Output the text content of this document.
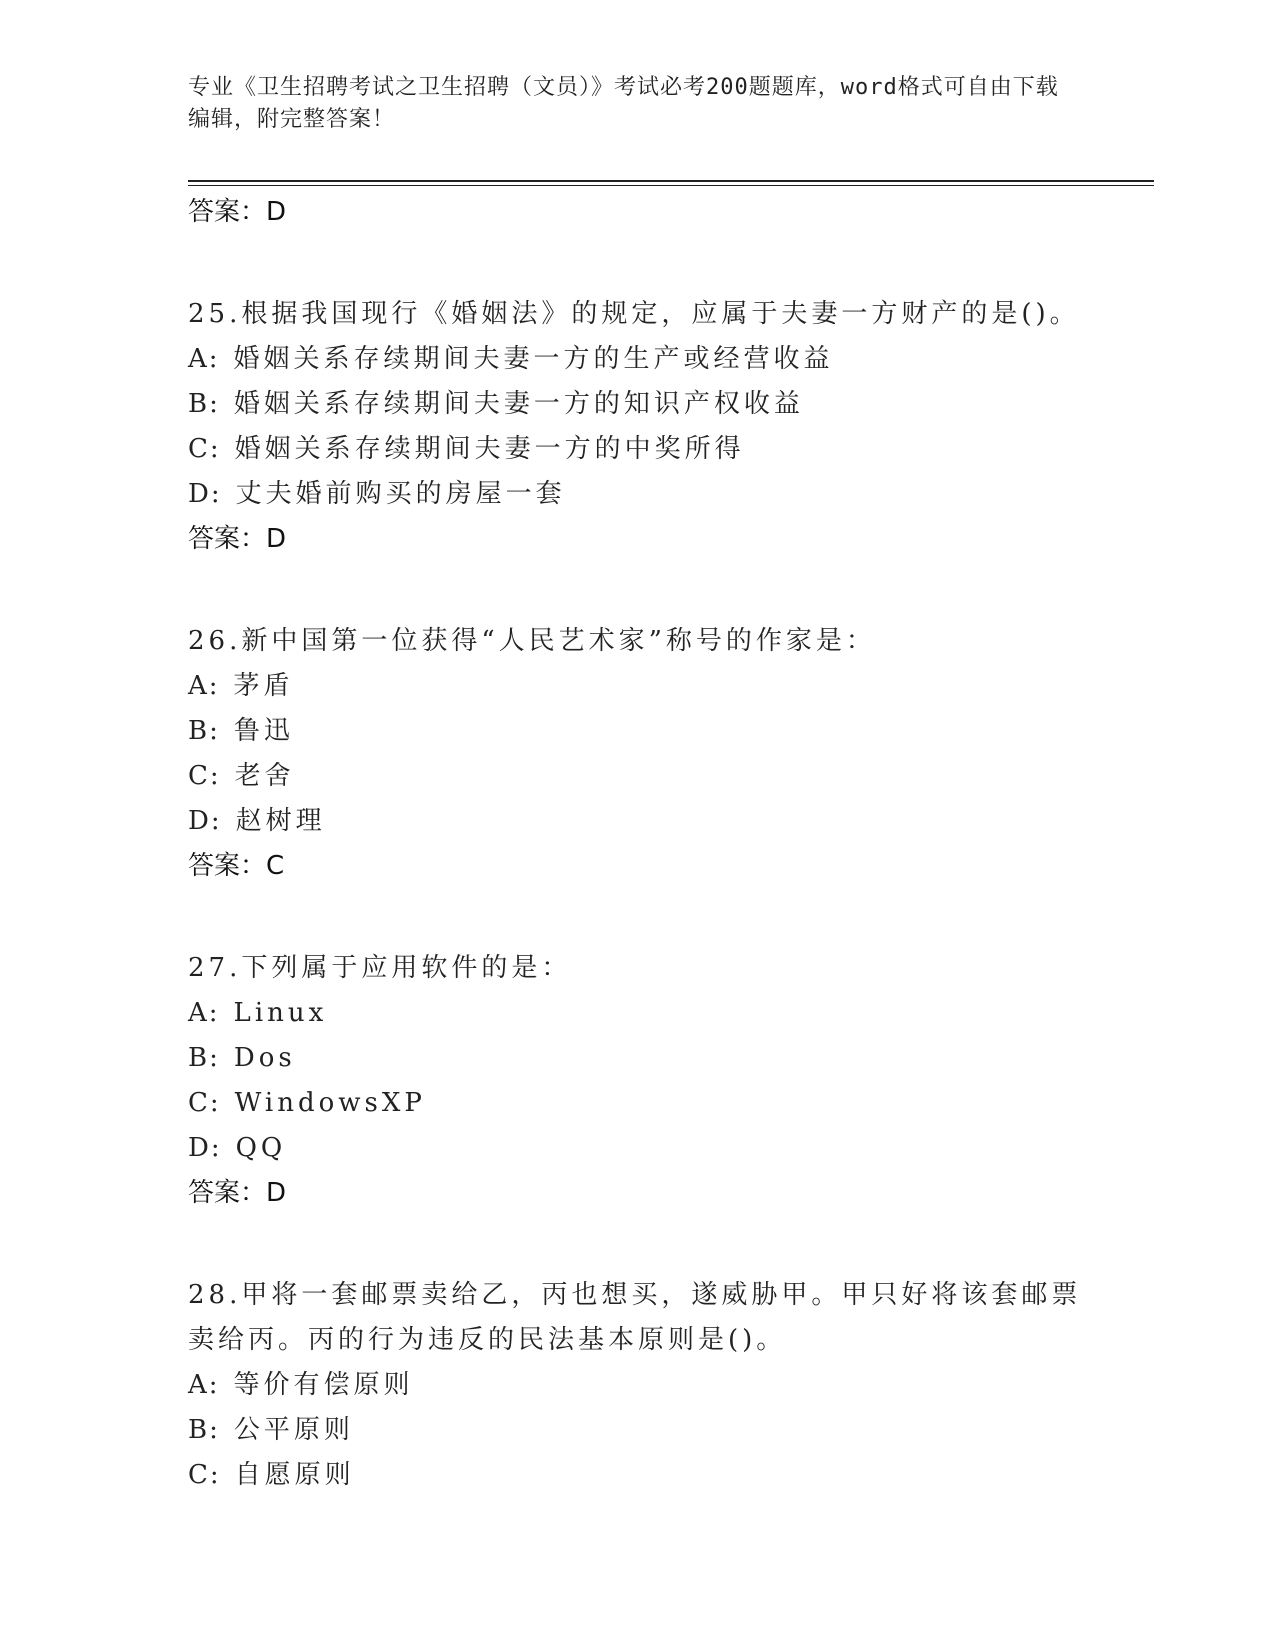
专业《卫生招聘考试之卫生招聘（文员）》考试必考200题题库，word格式可自由下载编辑，附完整答案！
答案：D
25.根据我国现行《婚姻法》的规定，应属于夫妻一方财产的是()。
A: 婚姻关系存续期间夫妻一方的生产或经营收益
B: 婚姻关系存续期间夫妻一方的知识产权收益
C: 婚姻关系存续期间夫妻一方的中奖所得
D: 丈夫婚前购买的房屋一套
答案：D
26.新中国第一位获得“人民艺术家”称号的作家是：
A: 茅盾
B: 鲁迅
C: 老舍
D: 赵树理
答案：C
27.下列属于应用软件的是：
A: Linux
B: Dos
C: WindowsXP
D: QQ
答案：D
28.甲将一套邮票卖给乙，丙也想买，遂威胁甲。甲只好将该套邮票卖给丙。丙的行为违反的民法基本原则是()。
A: 等价有偿原则
B: 公平原则
C: 自愿原则
